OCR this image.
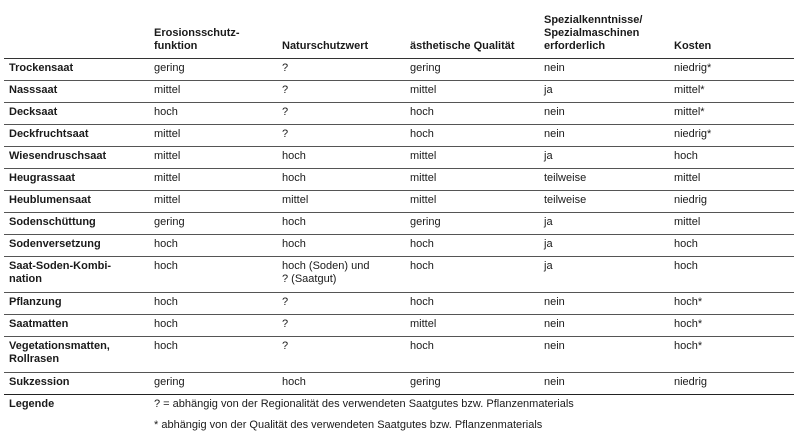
	Erosionsschutz-
funktion	Naturschutzwert	ästhetische Qualität	Spezialkenntnisse/
Spezialmaschinen
erforderlich	Kosten
Trockensaat	gering	?	gering	nein	niedrig*
Nasssaat	mittel	?	mittel	ja	mittel*
Decksaat	hoch	?	hoch	nein	mittel*
Deckfruchtsaat	mittel	?	hoch	nein	niedrig*
Wiesendruschsaat	mittel	hoch	mittel	ja	hoch
Heugrassaat	mittel	hoch	mittel	teilweise	mittel
Heublumensaat	mittel	mittel	mittel	teilweise	niedrig
Sodenschüttung	gering	hoch	gering	ja	mittel
Sodenversetzung	hoch	hoch	hoch	ja	hoch
Saat-Soden-Kombi-
nation	hoch	hoch (Soden) und
? (Saatgut)	hoch	ja	hoch
Pflanzung	hoch	?	hoch	nein	hoch*
Saatmatten	hoch	?	mittel	nein	hoch*
Vegetationsmatten,
Rollrasen	hoch	?	hoch	nein	hoch*
Sukzession	gering	hoch	gering	nein	niedrig
Legende	? = abhängig von der Regionalität des verwendeten Saatgutes bzw. Pflanzenmaterials				
	* abhängig von der Qualität des verwendeten Saatgutes bzw. Pflanzenmaterials				
